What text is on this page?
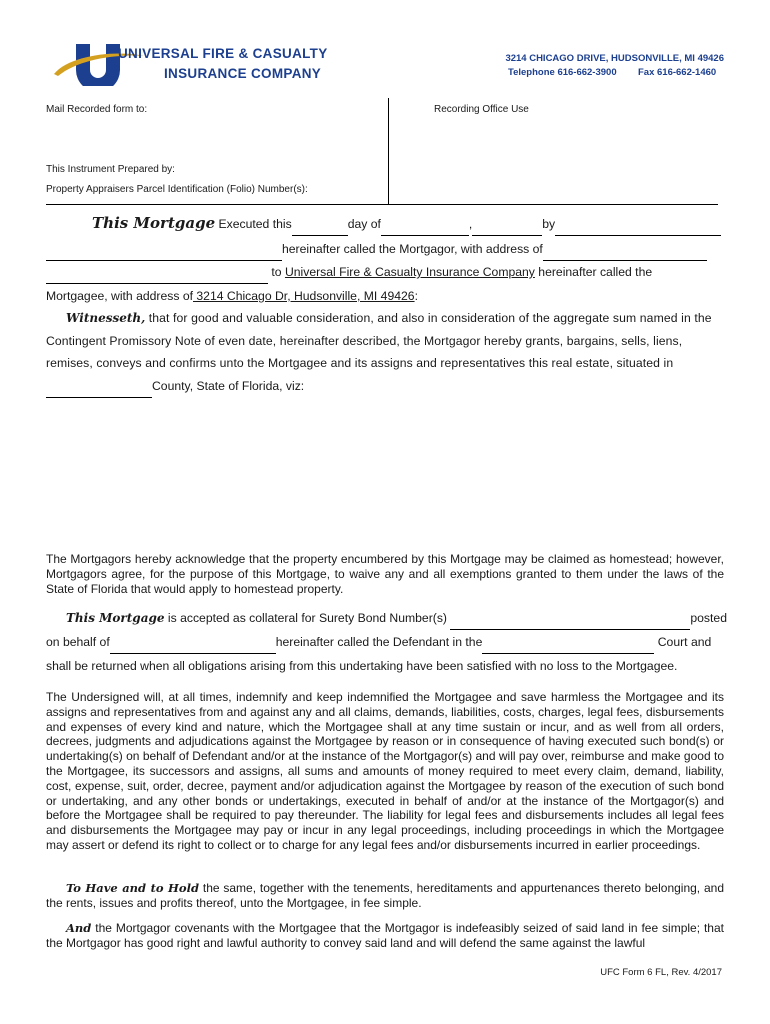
UNIVERSAL FIRE & CASUALTY
INSURANCE COMPANY
3214 CHICAGO DRIVE, HUDSONVILLE, MI 49426
Telephone 616-662-3900 Fax 616-662-1460
Mail Recorded form to:	Recording Office Use
This Instrument Prepared by:
Property Appraisers Parcel Identification (Folio) Number(s):
This Mortgage Executed this	day of	,	by
hereinafter called the Mortgagor, with address of
to Universal Fire & Casualty Insurance Company hereinafter called the
Mortgagee, with address of 3214 Chicago Dr, Hudsonville, MI 49426:
Witnesseth, that for good and valuable consideration, and also in consideration of the aggregate sum named in the
Contingent Promissory Note of even date, hereinafter described, the Mortgagor hereby grants, bargains, sells, liens,
remises, conveys and confirms unto the Mortgagee and its assigns and representatives this real estate, situated in
County, State of Florida, viz:
The Mortgagors hereby acknowledge that the property encumbered by this Mortgage may be claimed as homestead; however, Mortgagors agree, for the purpose of this Mortgage, to waive any and all exemptions granted to them under the laws of the State of Florida that would apply to homestead property.
This Mortgage is accepted as collateral for Surety Bond Number(s)	posted
on behalf of	hereinafter called the Defendant in the	Court and
shall be returned when all obligations arising from this undertaking have been satisfied with no loss to the Mortgagee.
The Undersigned will, at all times, indemnify and keep indemnified the Mortgagee and save harmless the Mortgagee and its assigns and representatives from and against any and all claims, demands, liabilities, costs, charges, legal fees, disbursements and expenses of every kind and nature, which the Mortgagee shall at any time sustain or incur, and as well from all orders, decrees, judgments and adjudications against the Mortgagee by reason or in consequence of having executed such bond(s) or undertaking(s) on behalf of Defendant and/or at the instance of the Mortgagor(s) and will pay over, reimburse and make good to the Mortgagee, its successors and assigns, all sums and amounts of money required to meet every claim, demand, liability, cost, expense, suit, order, decree, payment and/or adjudication against the Mortgagee by reason of the execution of such bond or undertaking, and any other bonds or undertakings, executed in behalf of and/or at the instance of the Mortgagor(s) and before the Mortgagee shall be required to pay thereunder. The liability for legal fees and disbursements includes all legal fees and disbursements the Mortgagee may pay or incur in any legal proceedings, including proceedings in which the Mortgagee may assert or defend its right to collect or to charge for any legal fees and/or disbursements incurred in earlier proceedings.
To Have and to Hold the same, together with the tenements, hereditaments and appurtenances thereto belonging, and the rents, issues and profits thereof, unto the Mortgagee, in fee simple.
And the Mortgagor covenants with the Mortgagee that the Mortgagor is indefeasibly seized of said land in fee simple; that the Mortgagor has good right and lawful authority to convey said land and will defend the same against the lawful
UFC Form 6 FL, Rev. 4/2017
